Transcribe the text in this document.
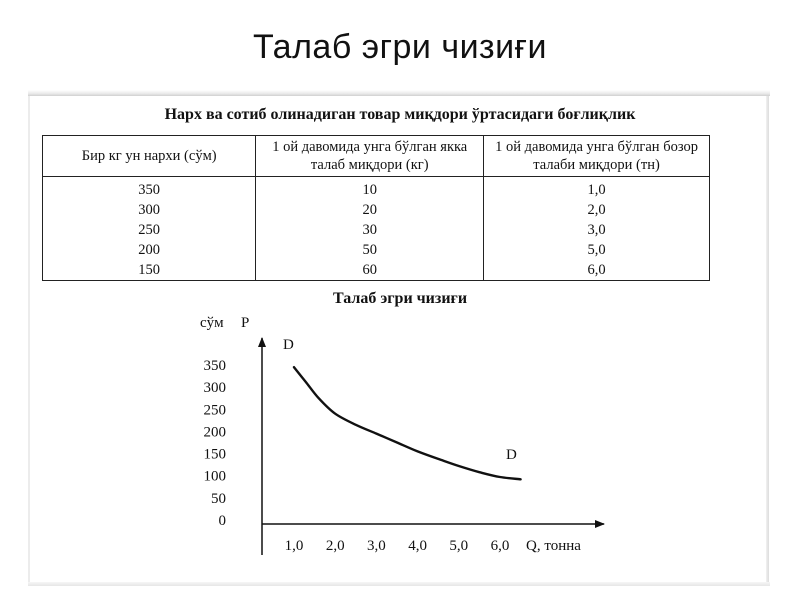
Талаб эгри чизиғи
Нарх ва сотиб олинадиган товар миқдори ўртасидаги боғлиқлик
Бир кг ун нархи (сўм)	1 ой давомида унга бўлган якка талаб миқдори (кг)	1 ой давомида унга бўлган бозор талаби миқдори (тн)
350	10	1,0
300	20	2,0
250	30	3,0
200	50	5,0
150	60	6,0
Талаб эгри чизиғи
сўм P
Q, тонна
D
D
0
50
100
150
200
250
300
350
1,0 2,0 3,0 4,0 5,0 6,0
